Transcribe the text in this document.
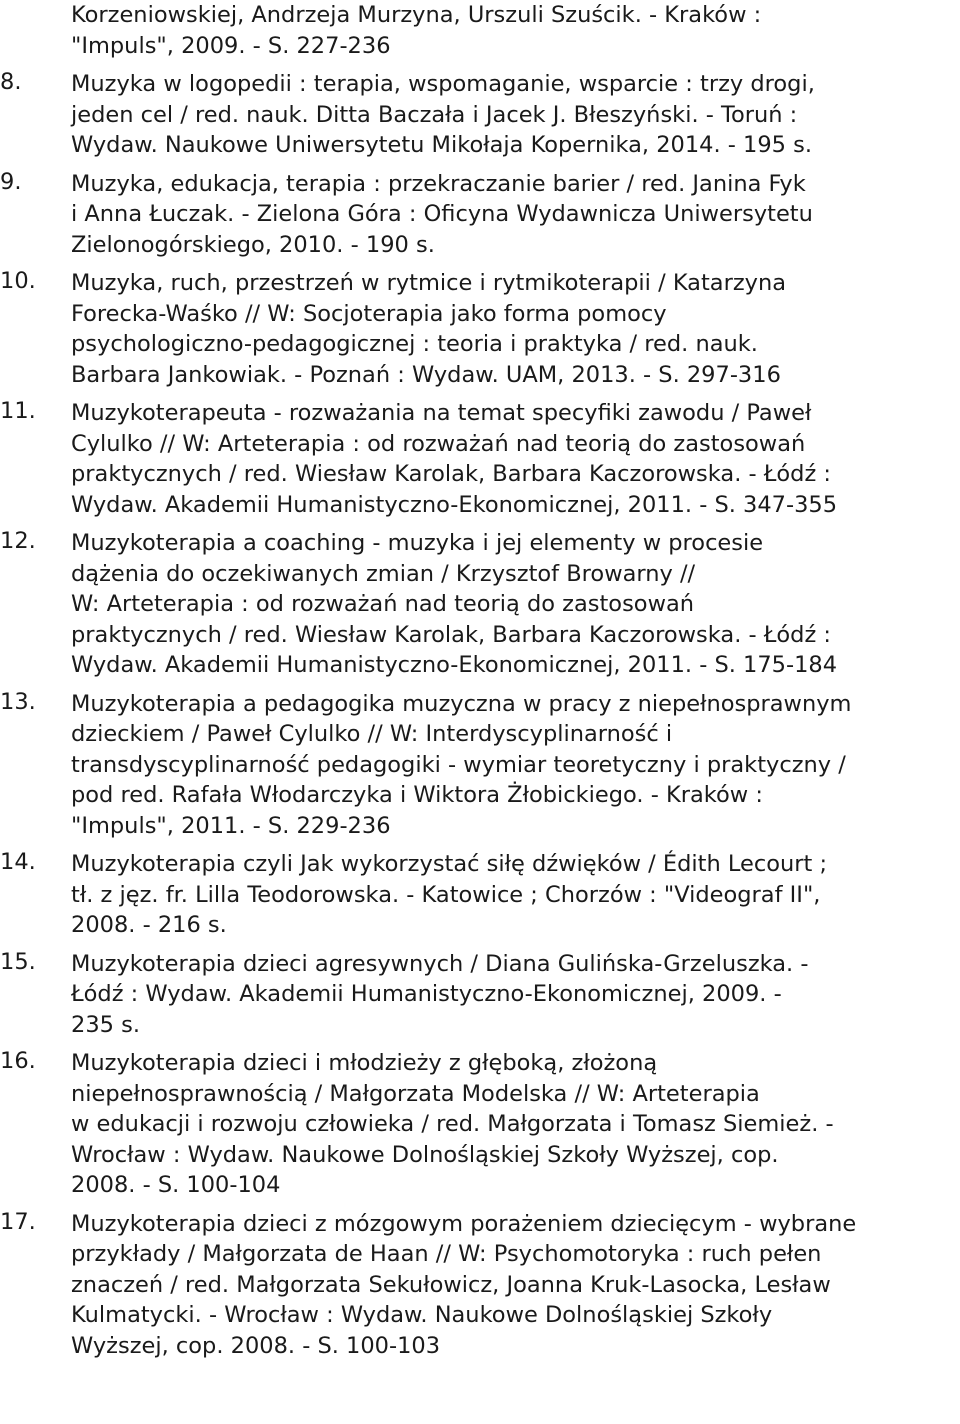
Korzeniowskiej, Andrzeja Murzyna, Urszuli Szuścik. - Kraków :
"Impuls", 2009. - S. 227-236
8. Muzyka w logopedii : terapia, wspomaganie, wsparcie : trzy drogi,
jeden cel / red. nauk. Ditta Baczała i Jacek J. Błeszyński. - Toruń :
Wydaw. Naukowe Uniwersytetu Mikołaja Kopernika, 2014. - 195 s.
9. Muzyka, edukacja, terapia : przekraczanie barier / red. Janina Fyk
i Anna Łuczak. - Zielona Góra : Oficyna Wydawnicza Uniwersytetu
Zielonogórskiego, 2010. - 190 s.
10. Muzyka, ruch, przestrzeń w rytmice i rytmikoterapii / Katarzyna
Forecka-Waśko // W: Socjoterapia jako forma pomocy
psychologiczno-pedagogicznej : teoria i praktyka / red. nauk.
Barbara Jankowiak. - Poznań : Wydaw. UAM, 2013. - S. 297-316
11. Muzykoterapeuta - rozważania na temat specyfiki zawodu / Paweł
Cylulko // W: Arteterapia : od rozważań nad teorią do zastosowań
praktycznych / red. Wiesław Karolak, Barbara Kaczorowska. - Łódź :
Wydaw. Akademii Humanistyczno-Ekonomicznej, 2011. - S. 347-355
12. Muzykoterapia a coaching - muzyka i jej elementy w procesie
dążenia do oczekiwanych zmian / Krzysztof Browarny //
W: Arteterapia : od rozważań nad teorią do zastosowań
praktycznych / red. Wiesław Karolak, Barbara Kaczorowska. - Łódź :
Wydaw. Akademii Humanistyczno-Ekonomicznej, 2011. - S. 175-184
13. Muzykoterapia a pedagogika muzyczna w pracy z niepełnosprawnym
dzieckiem / Paweł Cylulko // W: Interdyscyplinarność i
transdyscyplinarność pedagogiki - wymiar teoretyczny i praktyczny /
pod red. Rafała Włodarczyka i Wiktora Żłobickiego. - Kraków :
"Impuls", 2011. - S. 229-236
14. Muzykoterapia czyli Jak wykorzystać siłę dźwięków / Édith Lecourt ;
tł. z jęz. fr. Lilla Teodorowska. - Katowice ; Chorzów : "Videograf II",
2008. - 216 s.
15. Muzykoterapia dzieci agresywnych / Diana Gulińska-Grzeluszka. -
Łódź : Wydaw. Akademii Humanistyczno-Ekonomicznej, 2009. -
235 s.
16. Muzykoterapia dzieci i młodzieży z głęboką, złożoną
niepełnosprawnością / Małgorzata Modelska // W: Arteterapia
w edukacji i rozwoju człowieka / red. Małgorzata i Tomasz Siemież. -
Wrocław : Wydaw. Naukowe Dolnośląskiej Szkoły Wyższej, cop.
2008. - S. 100-104
17. Muzykoterapia dzieci z mózgowym porażeniem dziecięcym - wybrane
przykłady / Małgorzata de Haan // W: Psychomotoryka : ruch pełen
znaczeń / red. Małgorzata Sekułowicz, Joanna Kruk-Lasocka, Lesław
Kulmatycki. - Wrocław : Wydaw. Naukowe Dolnośląskiej Szkoły
Wyższej, cop. 2008. - S. 100-103
